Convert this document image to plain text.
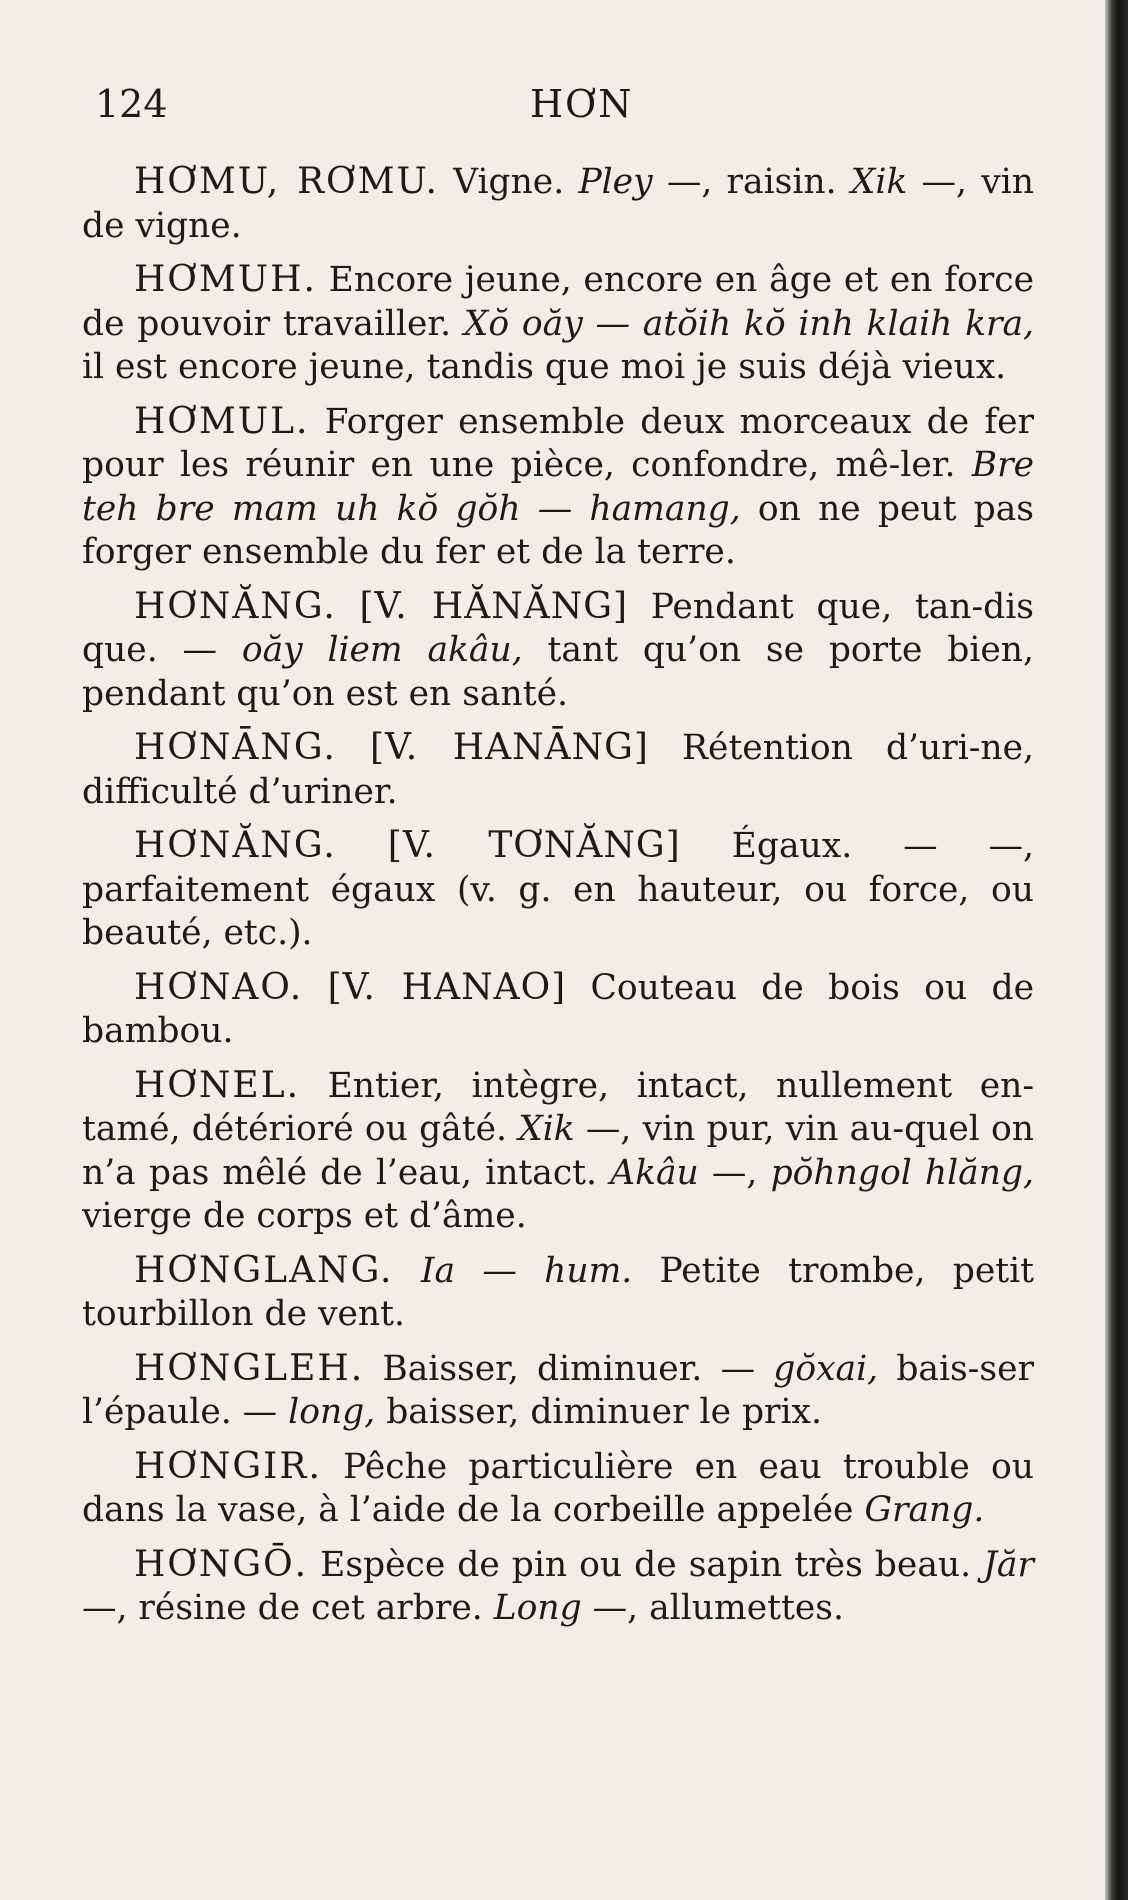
124	HƠN

HƠMU, RƠMU. Vigne. Pley —, raisin. Xik —, vin de vigne.

HƠMUH. Encore jeune, encore en âge et en force de pouvoir travailler. Xŏ oăy — atŏih kŏ inh klaih kra, il est encore jeune, tandis que moi je suis déjà vieux.

HƠMUL. Forger ensemble deux morceaux de fer pour les réunir en une pièce, confondre, mê-ler. Bre teh bre mam uh kŏ gŏh — hamang, on ne peut pas forger ensemble du fer et de la terre.

HƠNĂNG. [V. HĂNĂNG] Pendant que, tan-dis que. — oăy liem akâu, tant qu’on se porte bien, pendant qu’on est en santé.

HƠNĀNG. [V. HANĀNG] Rétention d’uri-ne, difficulté d’uriner.

HƠNĂNG. [V. TƠNĂNG] Égaux. — —, parfaitement égaux (v. g. en hauteur, ou force, ou beauté, etc.).

HƠNAO. [V. HANAO] Couteau de bois ou de bambou.

HƠNEL. Entier, intègre, intact, nullement en-tamé, détérioré ou gâté. Xik —, vin pur, vin au-quel on n’a pas mêlé de l’eau, intact. Akâu —, pŏhngol hlăng, vierge de corps et d’âme.

HƠNGLANG. Ia — hum. Petite trombe, petit tourbillon de vent.

HƠNGLEH. Baisser, diminuer. — gŏxai, bais-ser l’épaule. — long, baisser, diminuer le prix.

HƠNGIR. Pêche particulière en eau trouble ou dans la vase, à l’aide de la corbeille appelée Grang.

HƠNGŌ. Espèce de pin ou de sapin très beau. Jăr —, résine de cet arbre. Long —, allumettes.
